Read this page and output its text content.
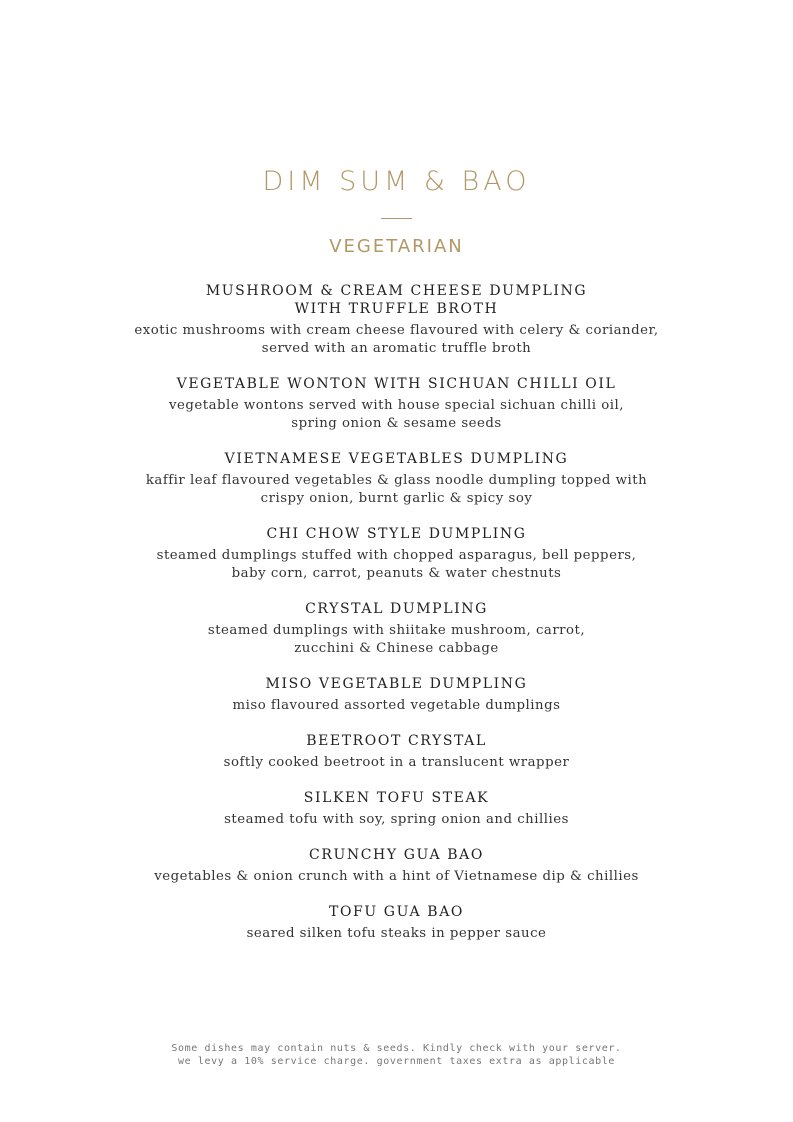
DIM SUM & BAO
VEGETARIAN
MUSHROOM & CREAM CHEESE DUMPLING
WITH TRUFFLE BROTH
exotic mushrooms with cream cheese flavoured with celery & coriander,
served with an aromatic truffle broth
VEGETABLE WONTON WITH SICHUAN CHILLI OIL
vegetable wontons served with house special sichuan chilli oil,
spring onion & sesame seeds
VIETNAMESE VEGETABLES DUMPLING
kaffir leaf flavoured vegetables & glass noodle dumpling topped with
crispy onion, burnt garlic & spicy soy
CHI CHOW STYLE DUMPLING
steamed dumplings stuffed with chopped asparagus, bell peppers,
baby corn, carrot, peanuts & water chestnuts
CRYSTAL DUMPLING
steamed dumplings with shiitake mushroom, carrot,
zucchini & Chinese cabbage
MISO VEGETABLE DUMPLING
miso flavoured assorted vegetable dumplings
BEETROOT CRYSTAL
softly cooked beetroot in a translucent wrapper
SILKEN TOFU STEAK
steamed tofu with soy, spring onion and chillies
CRUNCHY GUA BAO
vegetables & onion crunch with a hint of Vietnamese dip & chillies
TOFU GUA BAO
seared silken tofu steaks in pepper sauce
Some dishes may contain nuts & seeds. Kindly check with your server.
we levy a 10% service charge. government taxes extra as applicable
